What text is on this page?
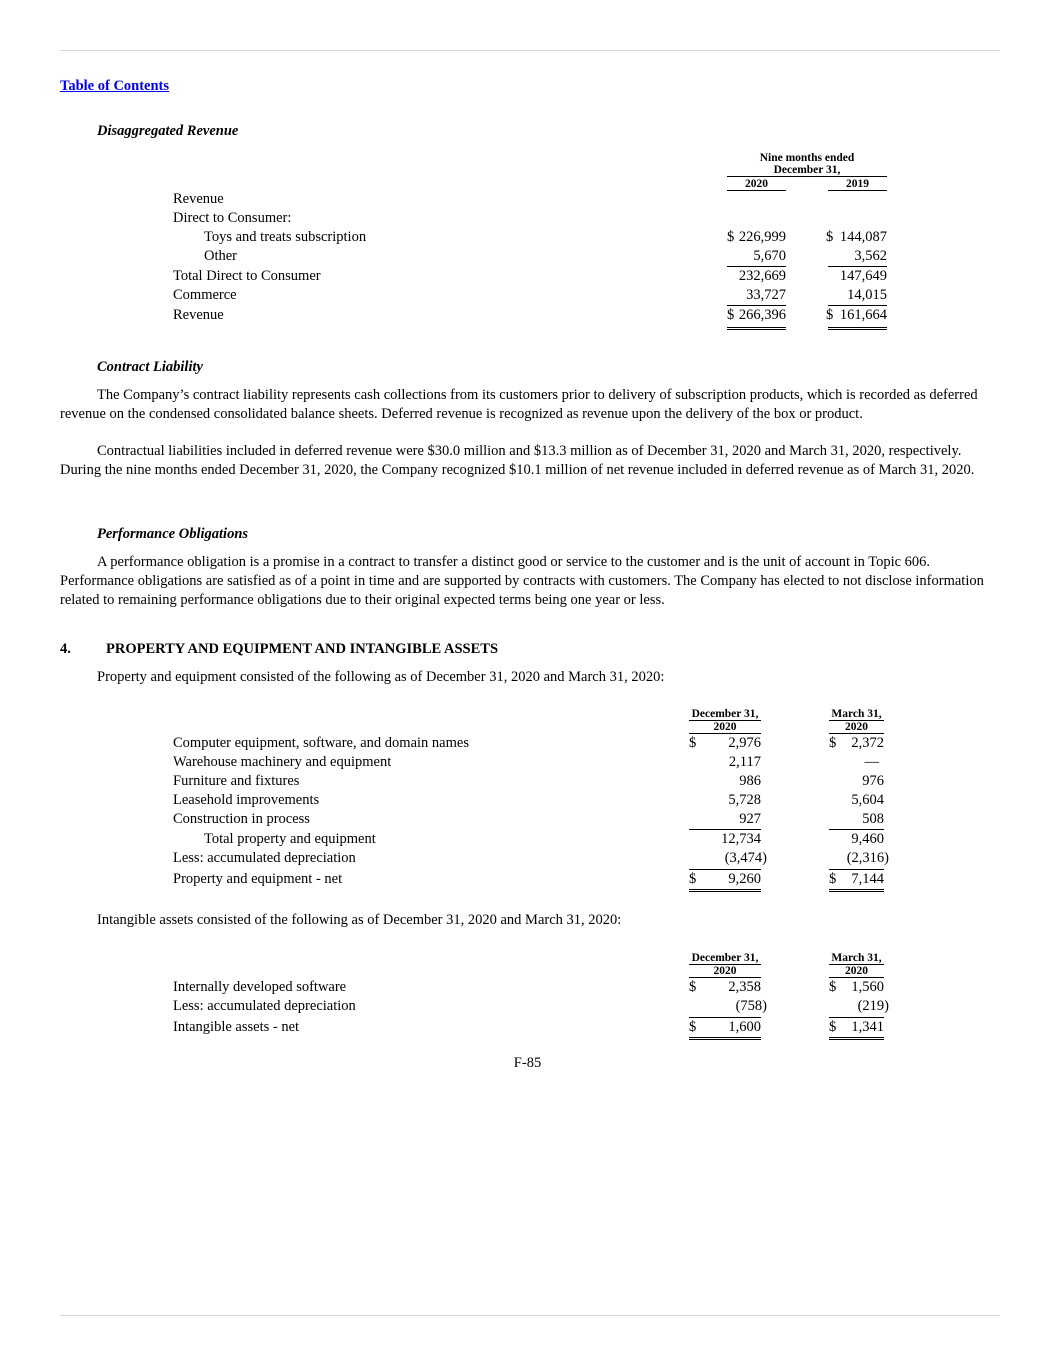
Table of Contents
Disaggregated Revenue
Nine months ended
December 31,
2020	2019
Revenue
Direct to Consumer:
Toys and treats subscription	$ 226,999	$ 144,087
Other	5,670	3,562
Total Direct to Consumer	232,669	147,649
Commerce	33,727	14,015
Revenue	$ 266,396	$ 161,664
Contract Liability

The Company’s contract liability represents cash collections from its customers prior to delivery of subscription products, which is recorded as deferred revenue on the condensed consolidated balance sheets. Deferred revenue is recognized as revenue upon the delivery of the box or product.

Contractual liabilities included in deferred revenue were $30.0 million and $13.3 million as of December 31, 2020 and March 31, 2020, respectively. During the nine months ended December 31, 2020, the Company recognized $10.1 million of net revenue included in deferred revenue as of March 31, 2020.

Performance Obligations

A performance obligation is a promise in a contract to transfer a distinct good or service to the customer and is the unit of account in Topic 606. Performance obligations are satisfied as of a point in time and are supported by contracts with customers. The Company has elected to not disclose information related to remaining performance obligations due to their original expected terms being one year or less.

4. PROPERTY AND EQUIPMENT AND INTANGIBLE ASSETS
Property and equipment consisted of the following as of December 31, 2020 and March 31, 2020:
December 31,
2020
March 31,
2020
Computer equipment, software, and domain names	$	2,976	$	2,372
Warehouse machinery and equipment	2,117	—
Furniture and fixtures	986	976
Leasehold improvements	5,728	5,604
Construction in process	927	508
Total property and equipment	12,734	9,460
Less: accumulated depreciation	(3,474)	(2,316)
Property and equipment - net	$	9,260	$	7,144
Intangible assets consisted of the following as of December 31, 2020 and March 31, 2020:
December 31,
2020
March 31,
2020
Internally developed software	$	2,358	$	1,560
Less: accumulated depreciation	(758)	(219)
Intangible assets - net	$	1,600	$	1,341
F-85
